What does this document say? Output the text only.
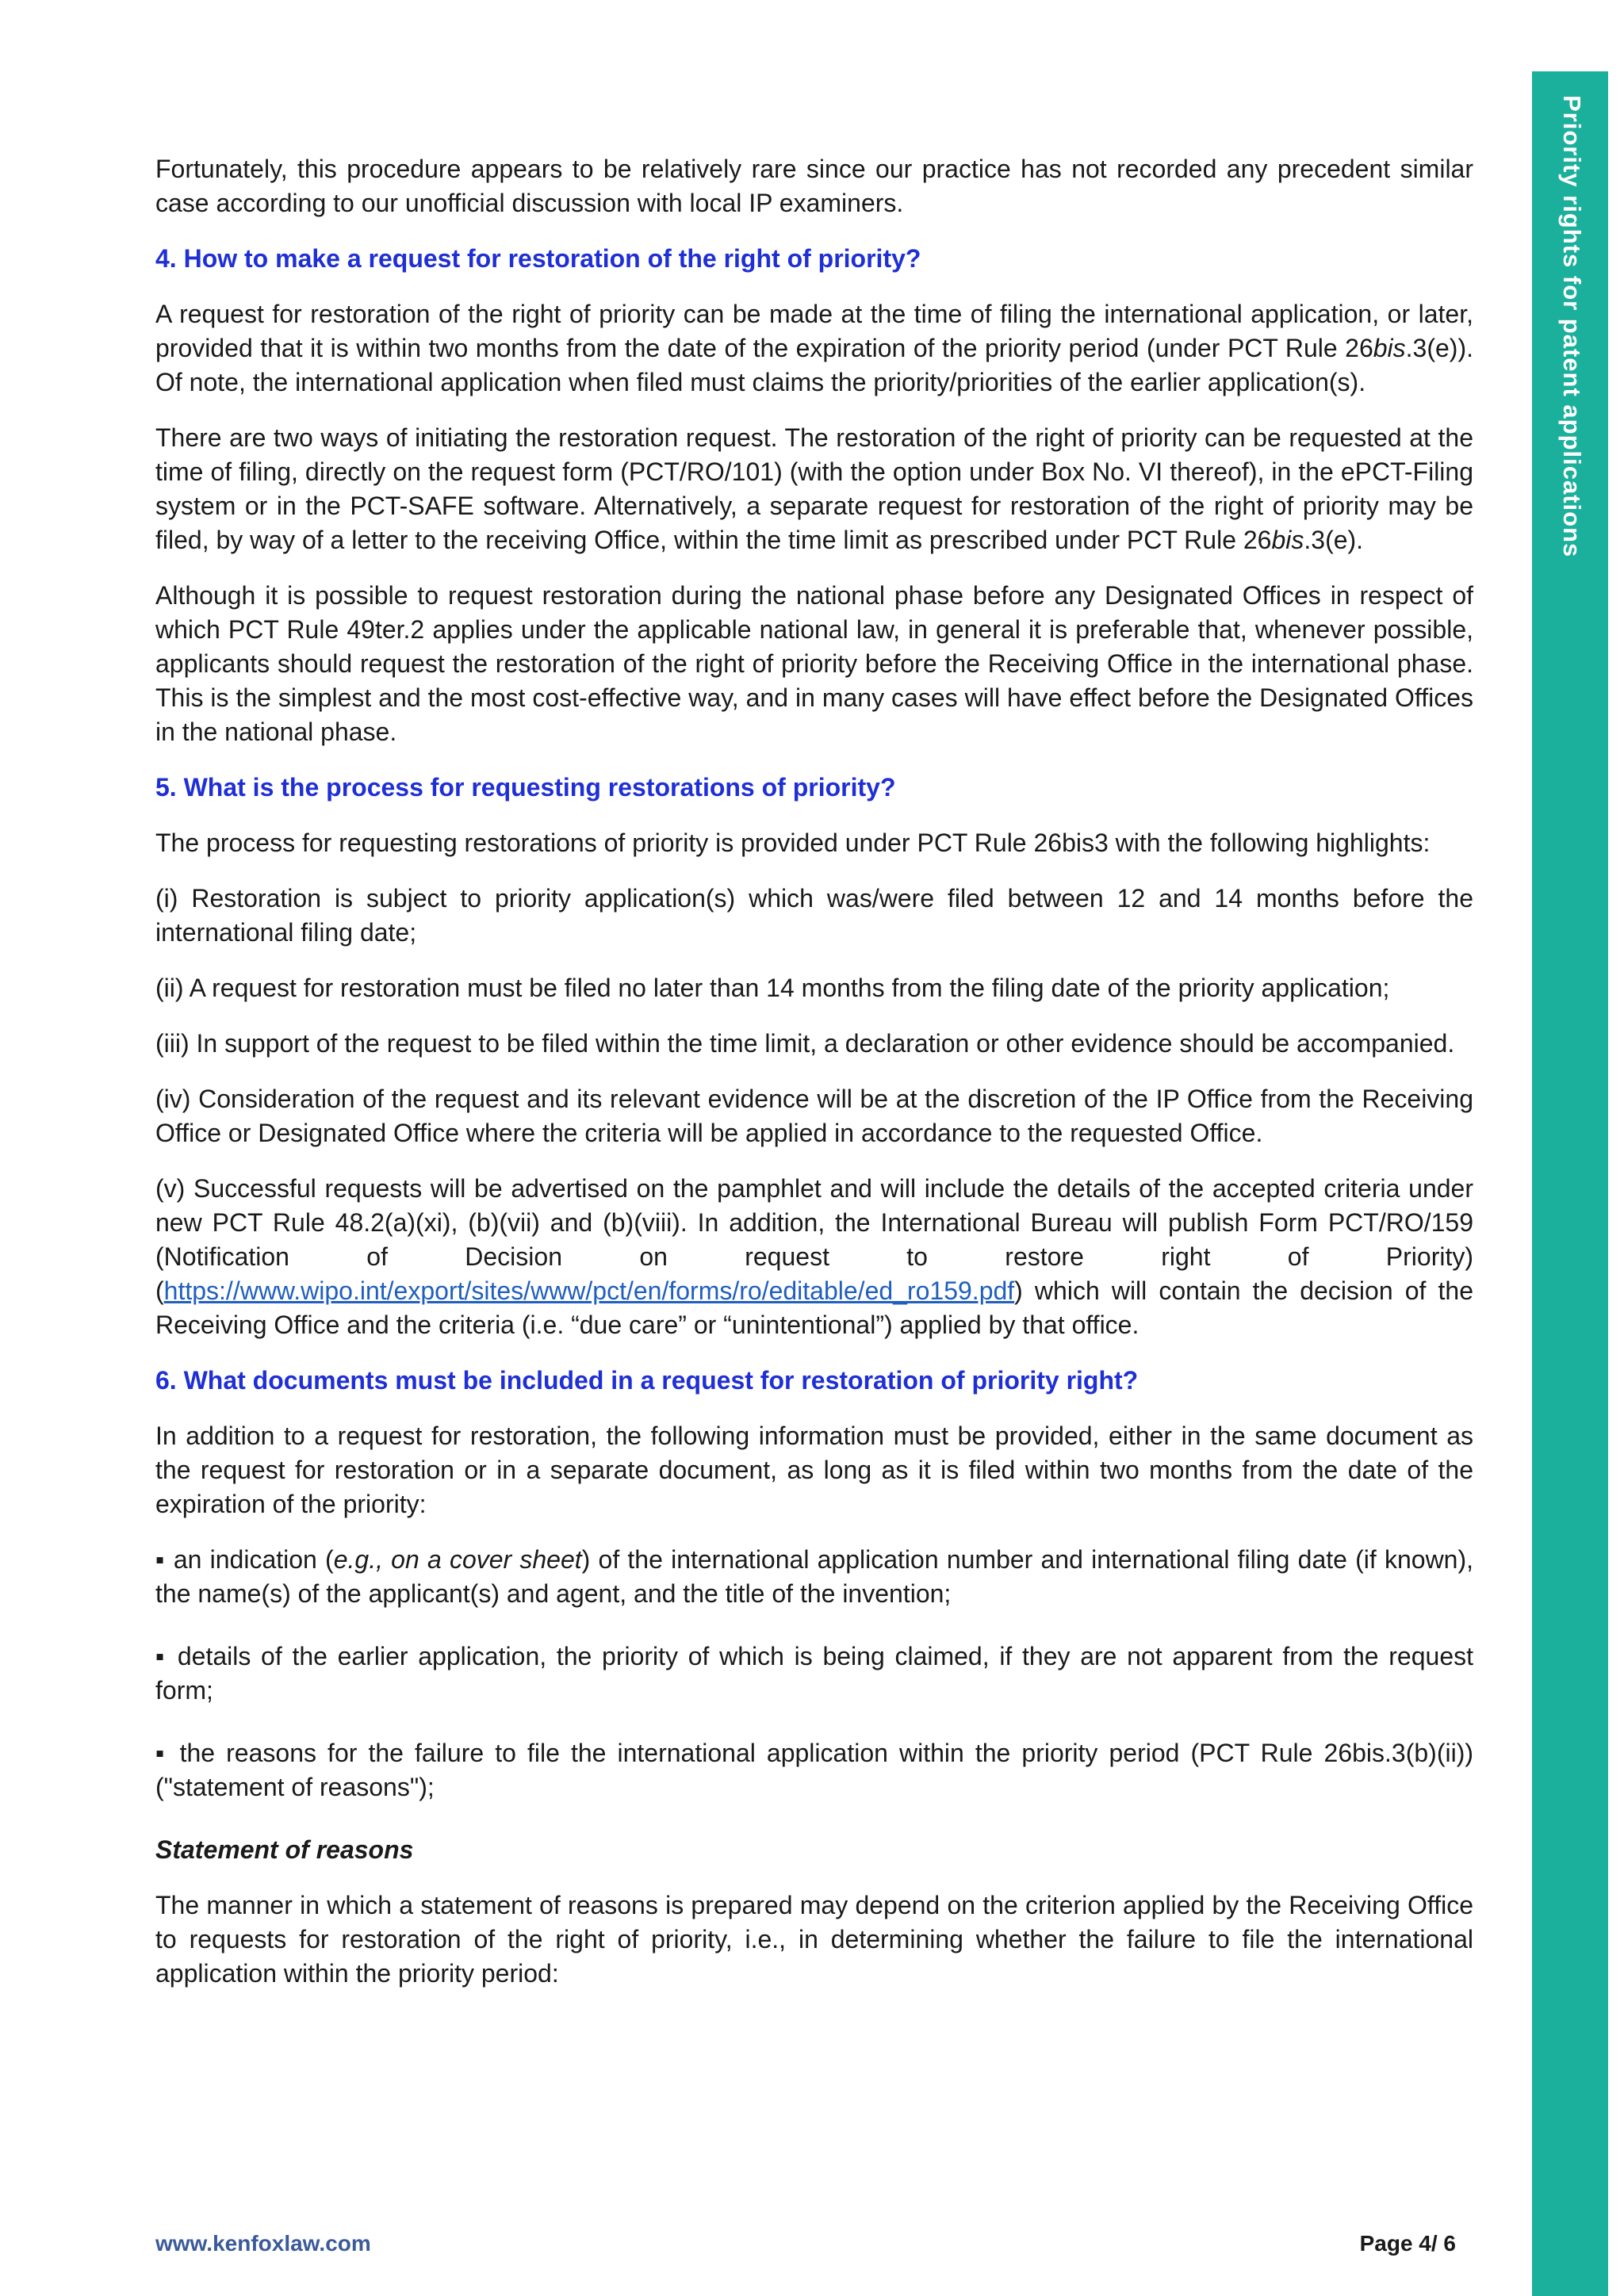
Priority rights for patent applications

Fortunately, this procedure appears to be relatively rare since our practice has not recorded any precedent similar case according to our unofficial discussion with local IP examiners.

4. How to make a request for restoration of the right of priority?

A request for restoration of the right of priority can be made at the time of filing the international application, or later, provided that it is within two months from the date of the expiration of the priority period (under PCT Rule 26bis.3(e)). Of note, the international application when filed must claims the priority/priorities of the earlier application(s).

There are two ways of initiating the restoration request. The restoration of the right of priority can be requested at the time of filing, directly on the request form (PCT/RO/101) (with the option under Box No. VI thereof), in the ePCT-Filing system or in the PCT-SAFE software. Alternatively, a separate request for restoration of the right of priority may be filed, by way of a letter to the receiving Office, within the time limit as prescribed under PCT Rule 26bis.3(e).

Although it is possible to request restoration during the national phase before any Designated Offices in respect of which PCT Rule 49ter.2 applies under the applicable national law, in general it is preferable that, whenever possible, applicants should request the restoration of the right of priority before the Receiving Office in the international phase. This is the simplest and the most cost-effective way, and in many cases will have effect before the Designated Offices in the national phase.

5. What is the process for requesting restorations of priority?

The process for requesting restorations of priority is provided under PCT Rule 26bis3 with the following highlights:

(i) Restoration is subject to priority application(s) which was/were filed between 12 and 14 months before the international filing date;

(ii) A request for restoration must be filed no later than 14 months from the filing date of the priority application;

(iii) In support of the request to be filed within the time limit, a declaration or other evidence should be accompanied.

(iv) Consideration of the request and its relevant evidence will be at the discretion of the IP Office from the Receiving Office or Designated Office where the criteria will be applied in accordance to the requested Office.

(v) Successful requests will be advertised on the pamphlet and will include the details of the accepted criteria under new PCT Rule 48.2(a)(xi), (b)(vii) and (b)(viii). In addition, the International Bureau will publish Form PCT/RO/159 (Notification of Decision on request to restore right of Priority) (https://www.wipo.int/export/sites/www/pct/en/forms/ro/editable/ed_ro159.pdf) which will contain the decision of the Receiving Office and the criteria (i.e. “due care” or “unintentional”) applied by that office.

6. What documents must be included in a request for restoration of priority right?

In addition to a request for restoration, the following information must be provided, either in the same document as the request for restoration or in a separate document, as long as it is filed within two months from the date of the expiration of the priority:

▪ an indication (e.g., on a cover sheet) of the international application number and international filing date (if known), the name(s) of the applicant(s) and agent, and the title of the invention;

▪ details of the earlier application, the priority of which is being claimed, if they are not apparent from the request form;

▪ the reasons for the failure to file the international application within the priority period (PCT Rule 26bis.3(b)(ii)) ("statement of reasons");

Statement of reasons

The manner in which a statement of reasons is prepared may depend on the criterion applied by the Receiving Office to requests for restoration of the right of priority, i.e., in determining whether the failure to file the international application within the priority period:

www.kenfoxlaw.com	Page 4/ 6
